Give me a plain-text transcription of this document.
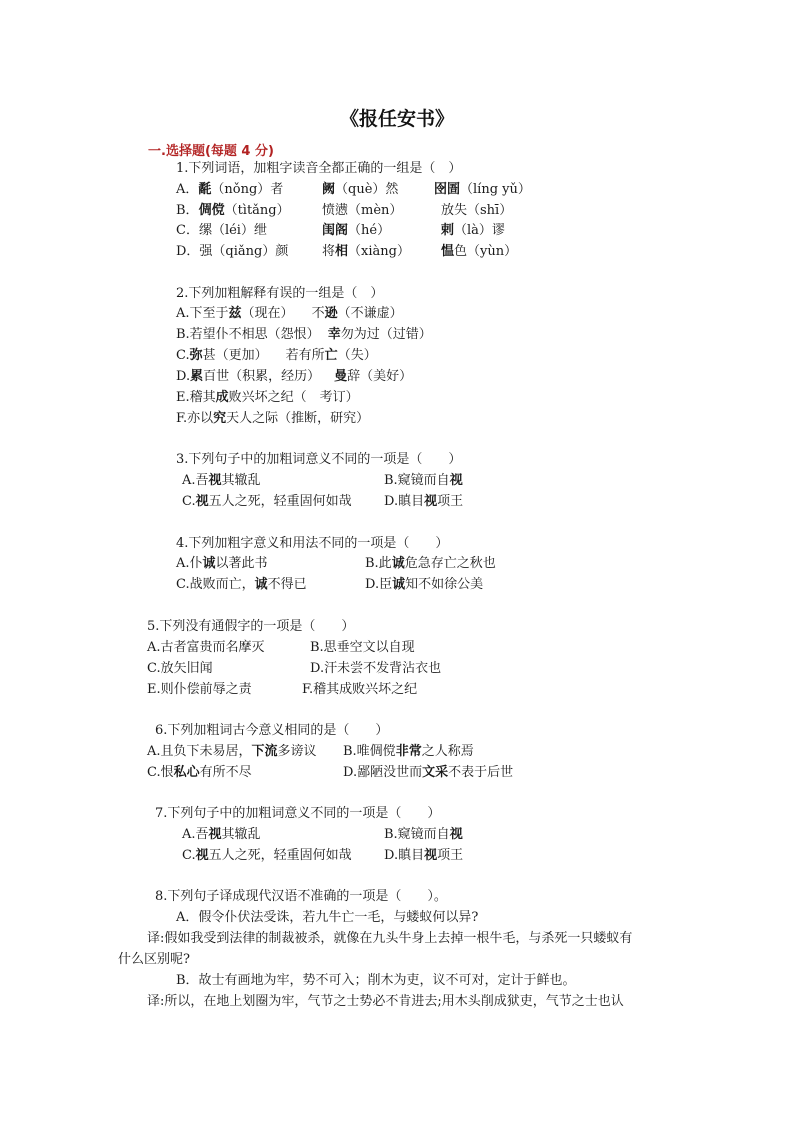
《报任安书》
一.选择题(每题 4 分)
1.下列词语，加粗字读音全都正确的一组是（　）
A．氄（nǒng）者	阙（què）然	囹圄（líng yǔ）
B．倜傥（tìtǎng） 愤懑（mèn）	放失（shī）
C．缧（léi）绁	闺阁（hé）	剌（là）谬
D．强（qiǎng）颜	将相（xiàng） 愠色（yùn）
2.下列加粗解释有误的一组是（　）
A.下至于兹（现在） 不逊（不谦虚）
B.若望仆不相思（怨恨） 幸勿为过（过错）
C.弥甚（更加） 若有所亡（失）
D.累百世（积累，经历） 曼辞（美好）
E.稽其成败兴坏之纪（　考订）
F.亦以究天人之际（推断，研究）
3.下列句子中的加粗词意义不同的一项是（　　）
A.吾视其辙乱	B.窥镜而自视
C.视五人之死，轻重固何如哉 D.瞋目视项王
4.下列加粗字意义和用法不同的一项是（　　）
A.仆诚以著此书	B.此诚危急存亡之秋也
C.战败而亡，诚不得已	D.臣诚知不如徐公美
5.下列没有通假字的一项是（　　）
A.古者富贵而名摩灭	B.思垂空文以自现
C.放矢旧闻	D.汗未尝不发背沾衣也
E.则仆偿前辱之责	F.稽其成败兴坏之纪
6.下列加粗词古今意义相同的是（　　）
A.且负下未易居，下流多谤议 B.唯倜傥非常之人称焉
C.恨私心有所不尽	D.鄙陋没世而文采不表于后世
7.下列句子中的加粗词意义不同的一项是（　　）
A.吾视其辙乱	B.窥镜而自视
C.视五人之死，轻重固何如哉 D.瞋目视项王
8.下列句子译成现代汉语不准确的一项是（　　）。
A．假令仆伏法受诛，若九牛亡一毛，与蝼蚁何以异?
译:假如我受到法律的制裁被杀，就像在九头牛身上去掉一根牛毛，与杀死一只蝼蚁有
什么区别呢?
B．故士有画地为牢，势不可入；削木为吏，议不可对，定计于鲜也。
译:所以，在地上划圈为牢，气节之士势必不肯进去;用木头削成狱吏，气节之士也认
